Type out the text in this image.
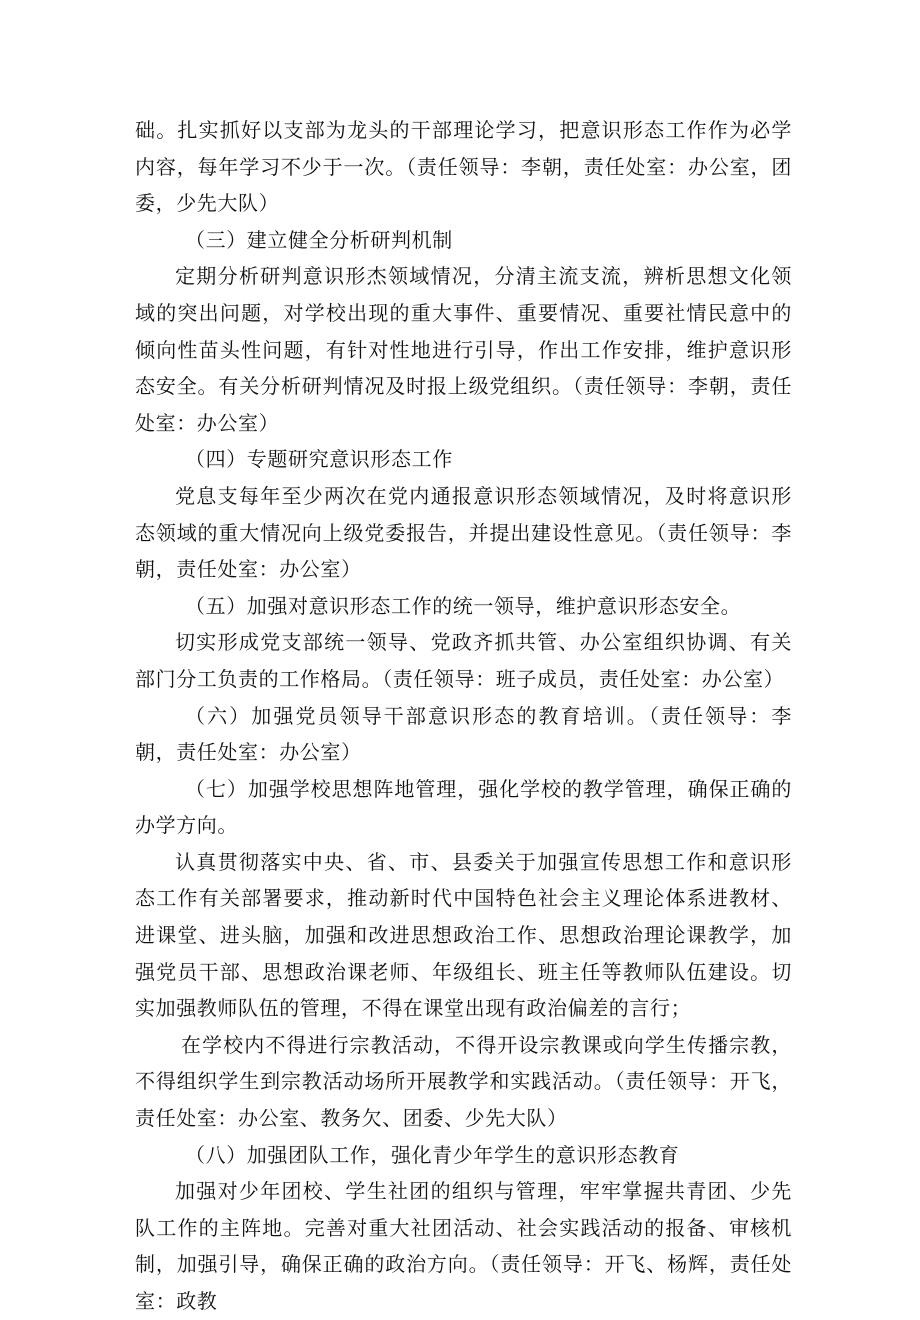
础。扎实抓好以支部为龙头的干部理论学习，把意识形态工作作为必学内容，每年学习不少于一次。（责任领导：李朝，责任处室：办公室，团委，少先大队）

（三）建立健全分析研判机制

定期分析研判意识形杰领域情况，分清主流支流，辨析思想文化领域的突出问题，对学校出现的重大事件、重要情况、重要社情民意中的倾向性苗头性问题，有针对性地进行引导，作出工作安排，维护意识形态安全。有关分析研判情况及时报上级党组织。（责任领导：李朝，责任处室：办公室）

（四）专题研究意识形态工作

党息支每年至少两次在党内通报意识形态领域情况，及时将意识形态领域的重大情况向上级党委报告，并提出建设性意见。（责任领导：李朝，责任处室：办公室）

（五）加强对意识形态工作的统一领导，维护意识形态安全。

切实形成党支部统一领导、党政齐抓共管、办公室组织协调、有关部门分工负责的工作格局。（责任领导：班子成员，责任处室：办公室）

（六）加强党员领导干部意识形态的教育培训。（责任领导：李朝，责任处室：办公室）

（七）加强学校思想阵地管理，强化学校的教学管理，确保正确的办学方向。

认真贯彻落实中央、省、市、县委关于加强宣传思想工作和意识形态工作有关部署要求，推动新时代中国特色社会主义理论体系进教材、进课堂、进头脑，加强和改进思想政治工作、思想政治理论课教学，加强党员干部、思想政治课老师、年级组长、班主任等教师队伍建设。切实加强教师队伍的管理，不得在课堂出现有政治偏差的言行；

在学校内不得进行宗教活动，不得开设宗教课或向学生传播宗教，不得组织学生到宗教活动场所开展教学和实践活动。（责任领导：开飞，责任处室：办公室、教务欠、团委、少先大队）

（八）加强团队工作，强化青少年学生的意识形态教育

加强对少年团校、学生社团的组织与管理，牢牢掌握共青团、少先队工作的主阵地。完善对重大社团活动、社会实践活动的报备、审核机制，加强引导，确保正确的政治方向。（责任领导：开飞、杨辉，责任处室：政教
